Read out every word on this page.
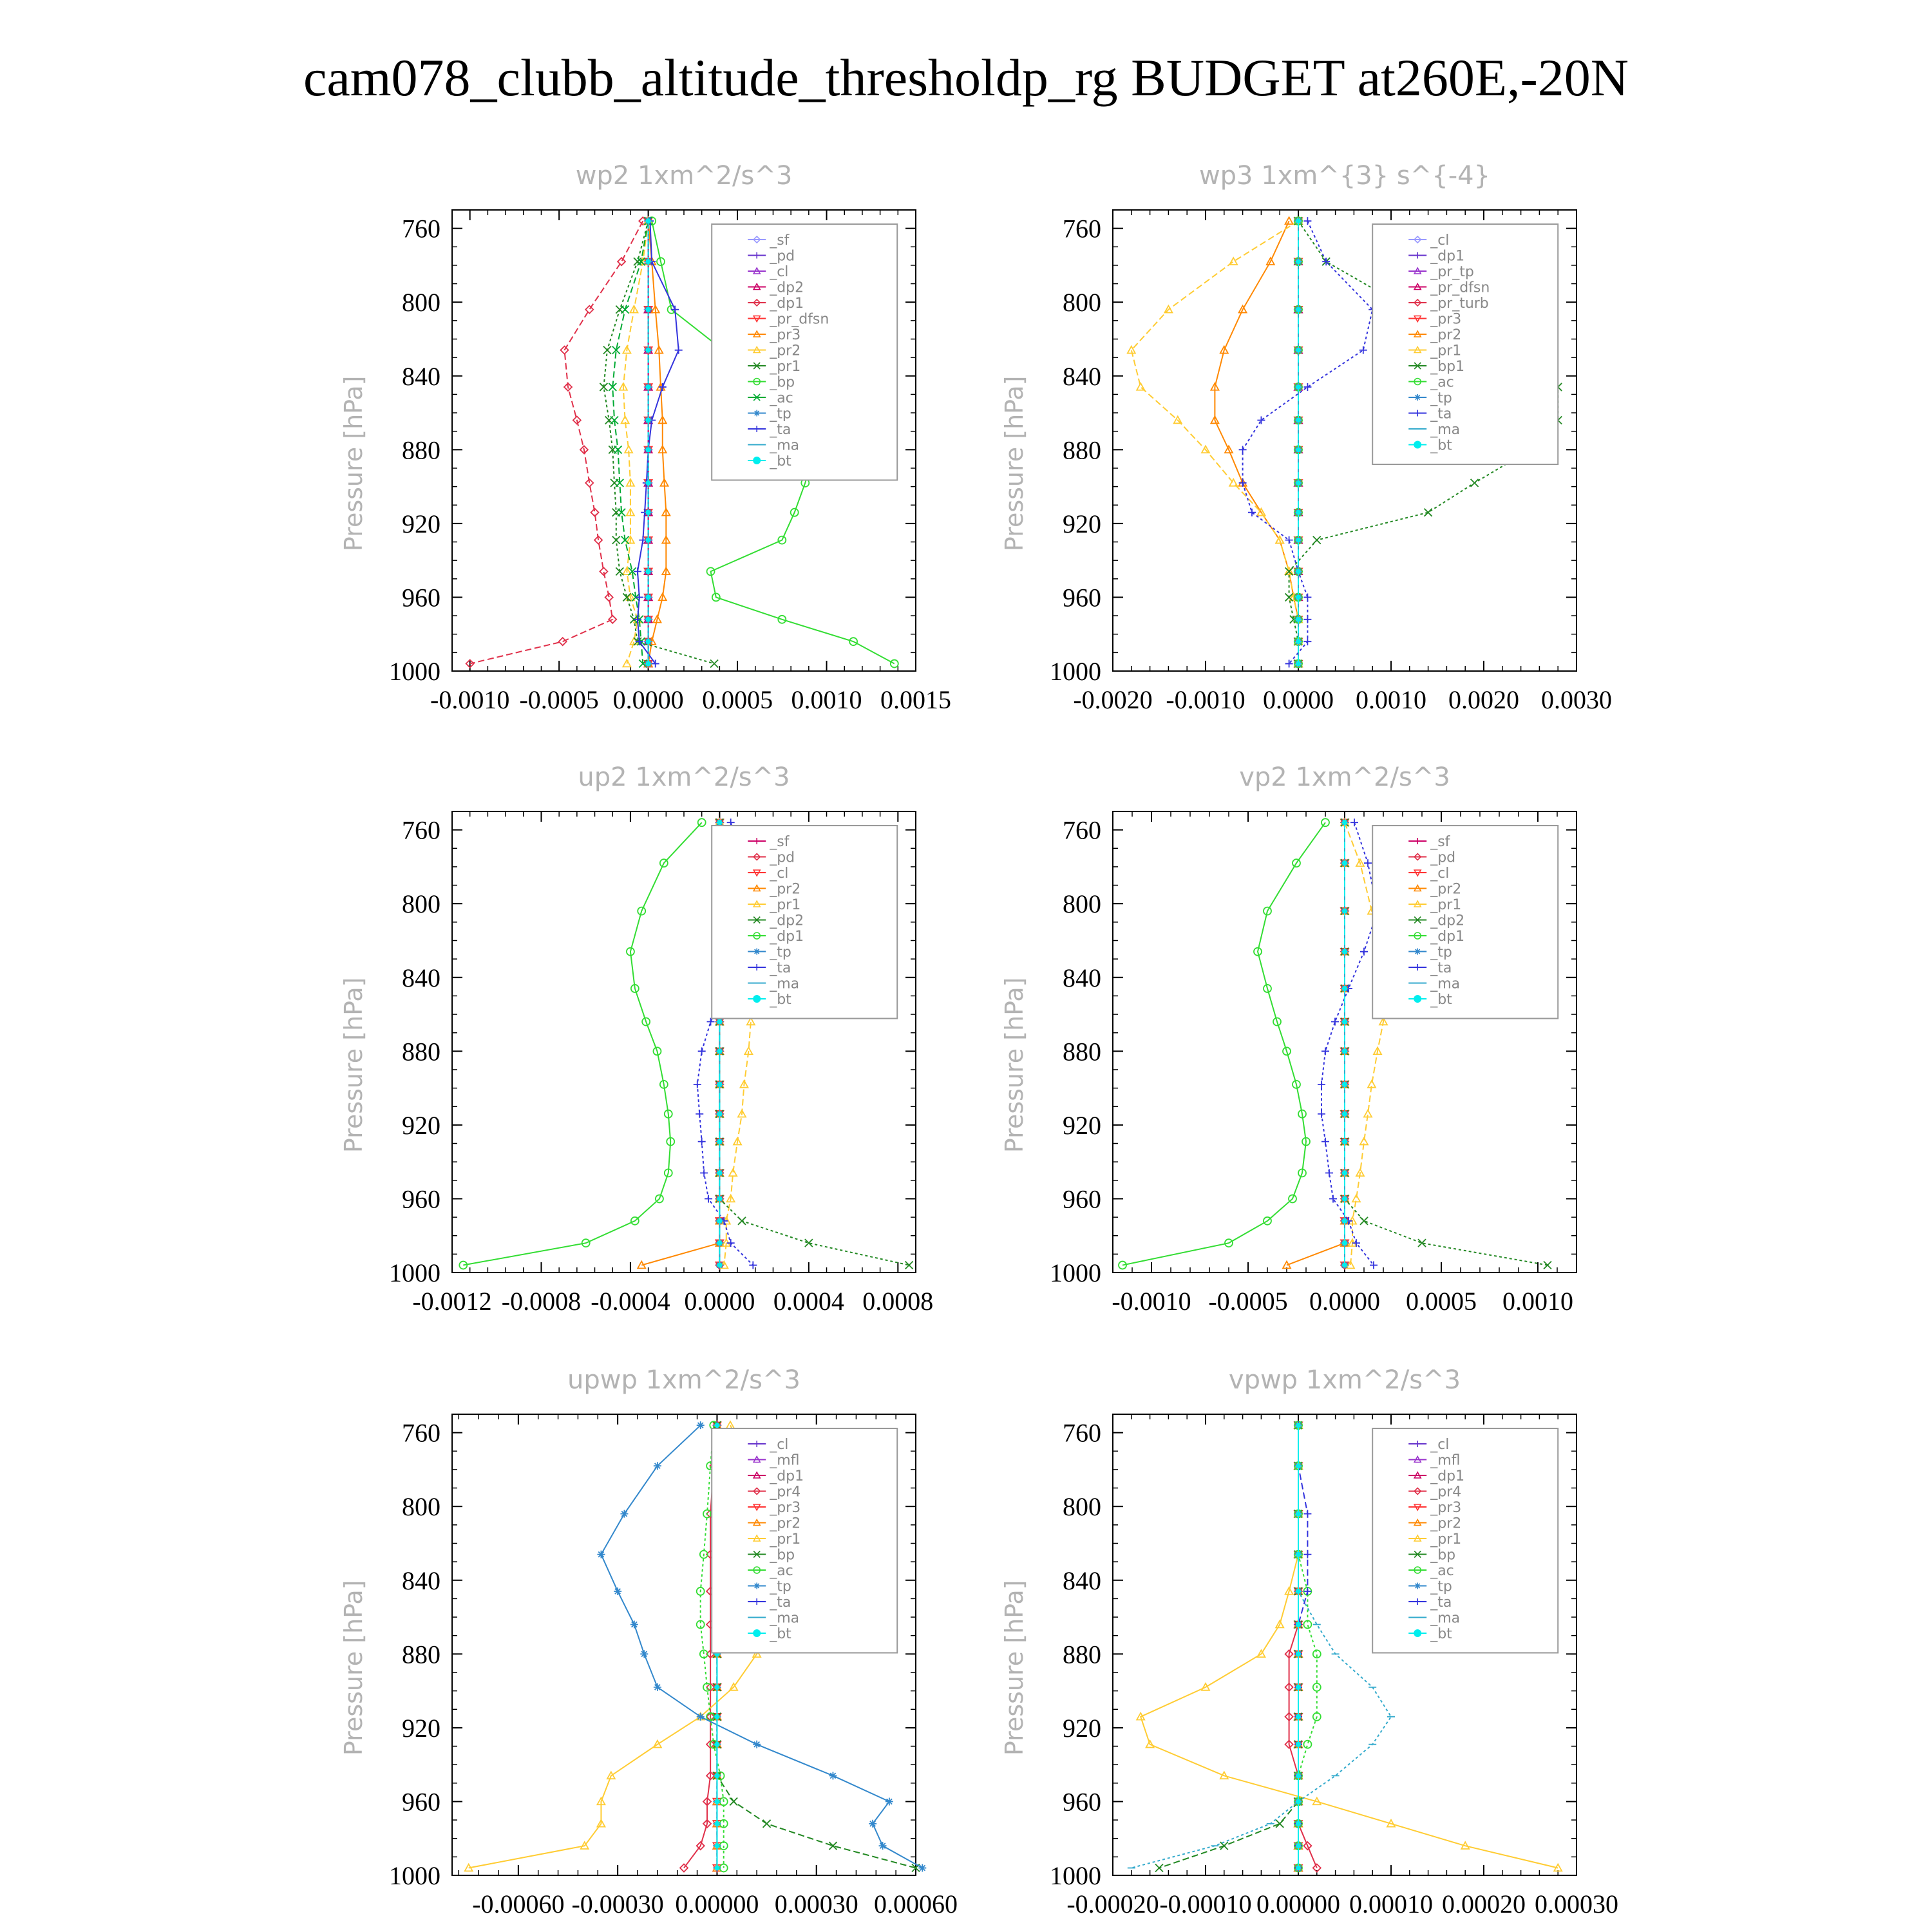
cam078_clubb_altitude_thresholdp_rg BUDGET at260E,-20N
wp2 1xm^2/s^3
Pressure [hPa]
760
800
840
880
920
960
1000
-0.0010 -0.0005 0.0000 0.0005 0.0010 0.0015
_sf
_pd
_cl
_dp2
_dp1
_pr_dfsn
_pr3
_pr2
_pr1
_bp
_ac
_tp
_ta
_ma
_bt
wp3 1xm^{3} s^{-4}
Pressure [hPa]
760
800
840
880
920
960
1000
-0.0020 -0.0010 0.0000 0.0010 0.0020 0.0030
_cl
_dp1
_pr_tp
_pr_dfsn
_pr_turb
_pr3
_pr2
_pr1
_bp1
_ac
_tp
_ta
_ma
_bt
up2 1xm^2/s^3
Pressure [hPa]
760
800
840
880
920
960
1000
-0.0012 -0.0008 -0.0004 0.0000 0.0004 0.0008
_sf
_pd
_cl
_pr2
_pr1
_dp2
_dp1
_tp
_ta
_ma
_bt
vp2 1xm^2/s^3
Pressure [hPa]
760
800
840
880
920
960
1000
-0.0010 -0.0005 0.0000 0.0005 0.0010
_sf
_pd
_cl
_pr2
_pr1
_dp2
_dp1
_tp
_ta
_ma
_bt
upwp 1xm^2/s^3
Pressure [hPa]
760
800
840
880
920
960
1000
-0.00060 -0.00030 0.00000 0.00030 0.00060
_cl
_mfl
_dp1
_pr4
_pr3
_pr2
_pr1
_bp
_ac
_tp
_ta
_ma
_bt
vpwp 1xm^2/s^3
Pressure [hPa]
760
800
840
880
920
960
1000
-0.00020 -0.00010 0.00000 0.00010 0.00020 0.00030
_cl
_mfl
_dp1
_pr4
_pr3
_pr2
_pr1
_bp
_ac
_tp
_ta
_ma
_bt
